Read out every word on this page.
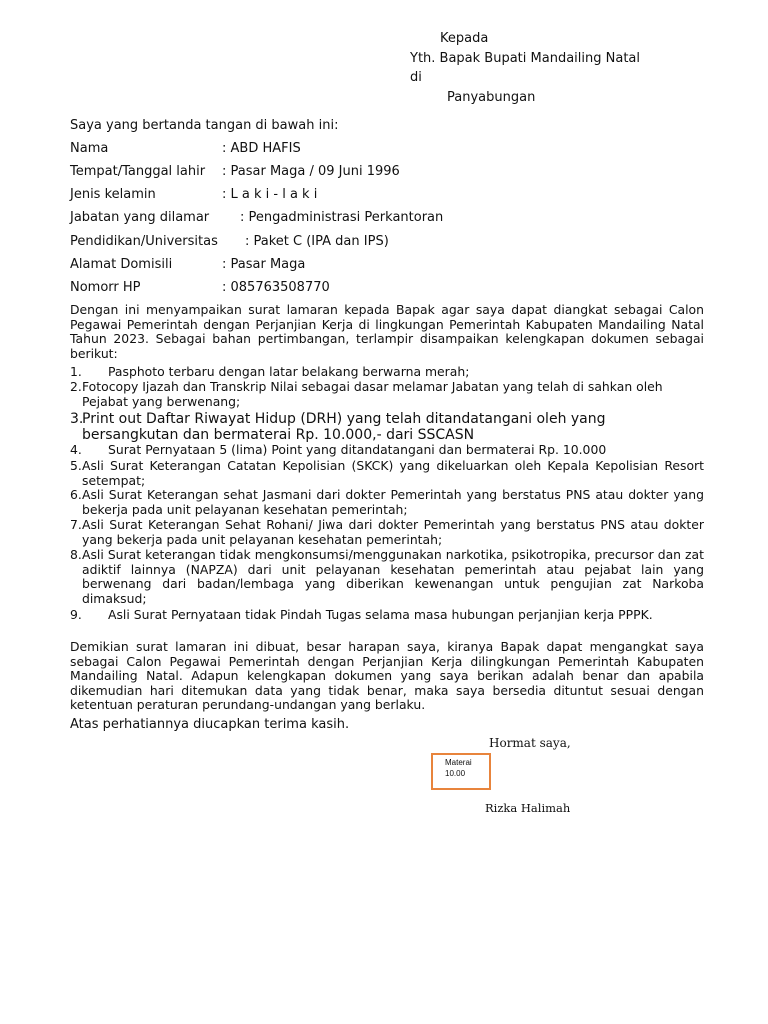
Kepada
Yth. Bapak Bupati Mandailing Natal
di
Panyabungan
Saya yang bertanda tangan di bawah ini:
Nama	: ABD HAFIS
Tempat/Tanggal lahir : Pasar Maga / 09 Juni 1996
Jenis kelamin	: L a k i - l a k i
Jabatan yang dilamar : Pengadministrasi Perkantoran
Pendidikan/Universitas : Paket C (IPA dan IPS)
Alamat Domisili	: Pasar Maga
Nomorr HP	: 085763508770
Dengan ini menyampaikan surat lamaran kepada Bapak agar saya dapat diangkat sebagai Calon Pegawai Pemerintah dengan Perjanjian Kerja di lingkungan Pemerintah Kabupaten Mandailing Natal Tahun 2023. Sebagai bahan pertimbangan, terlampir disampaikan kelengkapan dokumen sebagai berikut:
1. Pasphoto terbaru dengan latar belakang berwarna merah;
2. Fotocopy Ijazah dan Transkrip Nilai sebagai dasar melamar Jabatan yang telah di sahkan oleh Pejabat yang berwenang;
3.
Print out Daftar Riwayat Hidup (DRH) yang telah ditandatangani oleh yang bersangkutan dan bermaterai Rp. 10.000,- dari SSCASN
4. Surat Pernyataan 5 (lima) Point yang ditandatangani dan bermaterai Rp. 10.000
5. Asli Surat Keterangan Catatan Kepolisian (SKCK) yang dikeluarkan oleh Kepala Kepolisian Resort setempat;
6. Asli Surat Keterangan sehat Jasmani dari dokter Pemerintah yang berstatus PNS atau dokter yang bekerja pada unit pelayanan kesehatan pemerintah;
7. Asli Surat Keterangan Sehat Rohani/ Jiwa dari dokter Pemerintah yang berstatus PNS atau dokter yang bekerja pada unit pelayanan kesehatan pemerintah;
8. Asli Surat keterangan tidak mengkonsumsi/menggunakan narkotika, psikotropika, precursor dan zat adiktif lainnya (NAPZA) dari unit pelayanan kesehatan pemerintah atau pejabat lain yang berwenang dari badan/lembaga yang diberikan kewenangan untuk pengujian zat Narkoba dimaksud;
9. Asli Surat Pernyataan tidak Pindah Tugas selama masa hubungan perjanjian kerja PPPK.
Demikian surat lamaran ini dibuat, besar harapan saya, kiranya Bapak dapat mengangkat saya sebagai Calon Pegawai Pemerintah dengan Perjanjian Kerja dilingkungan Pemerintah Kabupaten Mandailing Natal. Adapun kelengkapan dokumen yang saya berikan adalah benar dan apabila dikemudian hari ditemukan data yang tidak benar, maka saya bersedia dituntut sesuai dengan ketentuan peraturan perundang-undangan yang berlaku.
Atas perhatiannya diucapkan terima kasih.
Hormat saya,
Materai
10.00
Rizka Halimah
